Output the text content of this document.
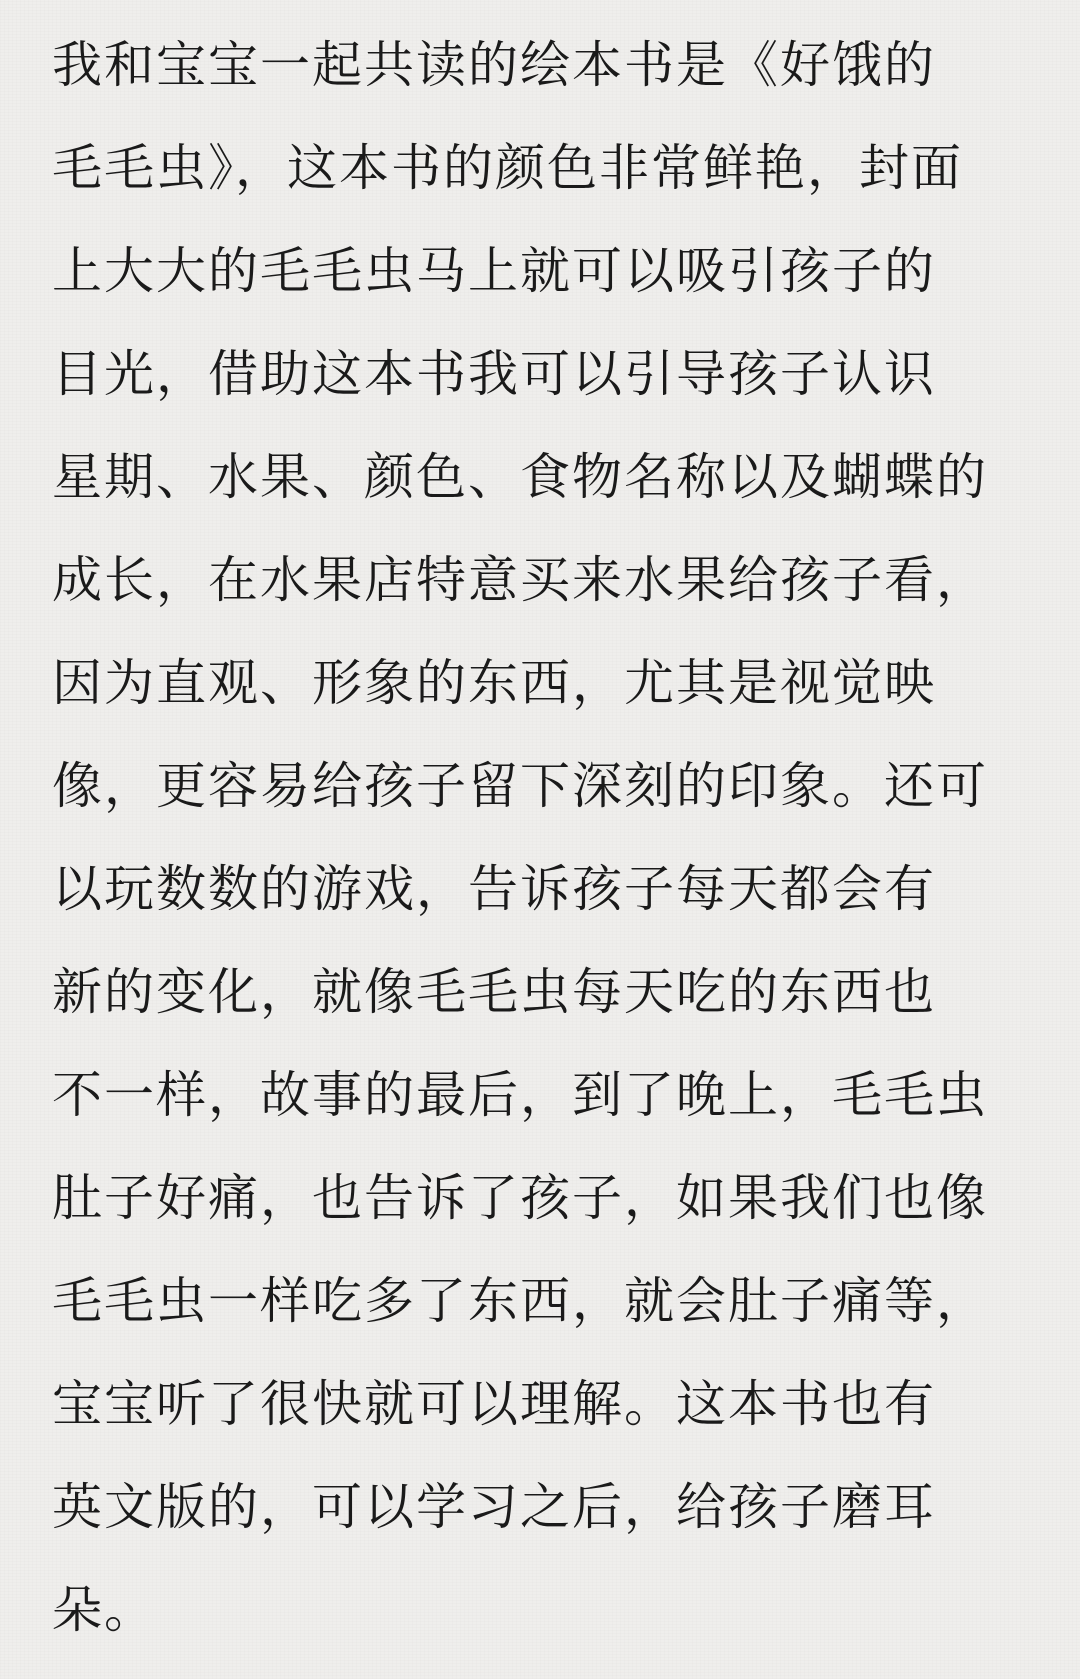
我和宝宝一起共读的绘本书是《好饿的
毛毛虫》，这本书的颜色非常鲜艳，封面
上大大的毛毛虫马上就可以吸引孩子的
目光，借助这本书我可以引导孩子认识
星期、水果、颜色、食物名称以及蝴蝶的
成长，在水果店特意买来水果给孩子看，
因为直观、形象的东西，尤其是视觉映
像，更容易给孩子留下深刻的印象。还可
以玩数数的游戏，告诉孩子每天都会有
新的变化，就像毛毛虫每天吃的东西也
不一样，故事的最后，到了晚上，毛毛虫
肚子好痛，也告诉了孩子，如果我们也像
毛毛虫一样吃多了东西，就会肚子痛等，
宝宝听了很快就可以理解。这本书也有
英文版的，可以学习之后，给孩子磨耳
朵。
